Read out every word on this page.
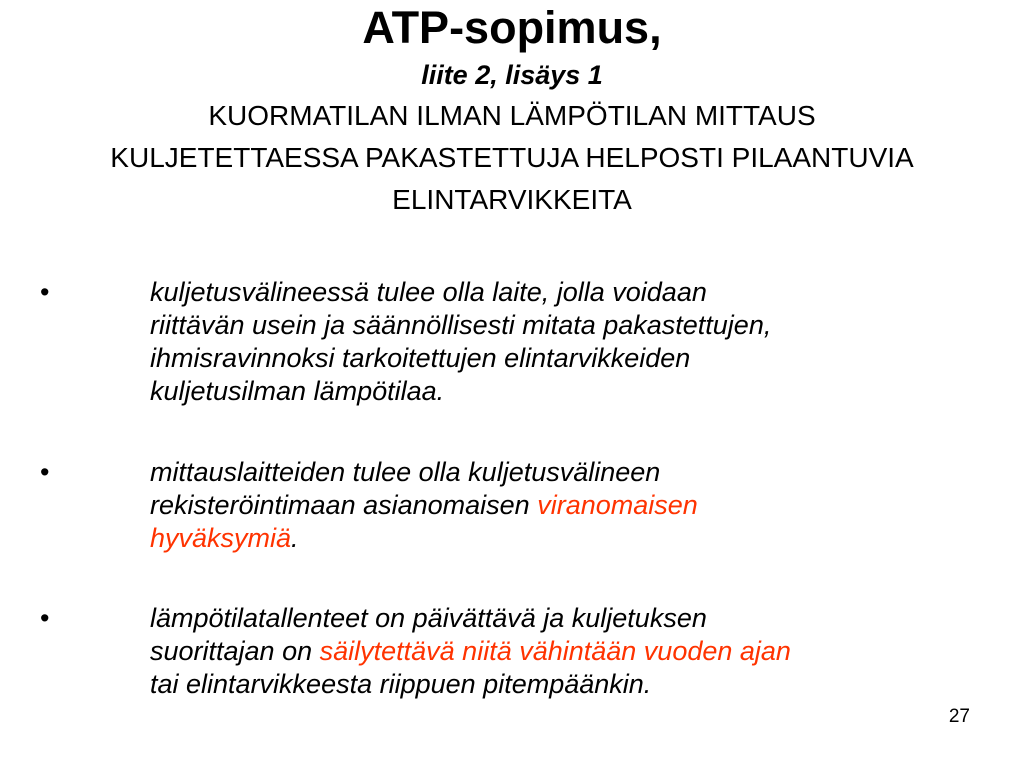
ATP-sopimus,
liite 2, lisäys 1
KUORMATILAN ILMAN LÄMPÖTILAN MITTAUS
KULJETETTAESSA PAKASTETTUJA HELPOSTI PILAANTUVIA
ELINTARVIKKEITA
•	kuljetusvälineessä tulee olla laite, jolla voidaan
riittävän usein ja säännöllisesti mitata pakastettujen,
ihmisravinnoksi tarkoitettujen elintarvikkeiden
kuljetusilman lämpötilaa.
•	mittauslaitteiden tulee olla kuljetusvälineen
rekisteröintimaan asianomaisen viranomaisen
hyväksymiä.
•	lämpötilatallenteet on päivättävä ja kuljetuksen
suorittajan on säilytettävä niitä vähintään vuoden ajan
tai elintarvikkeesta riippuen pitempäänkin.
27
